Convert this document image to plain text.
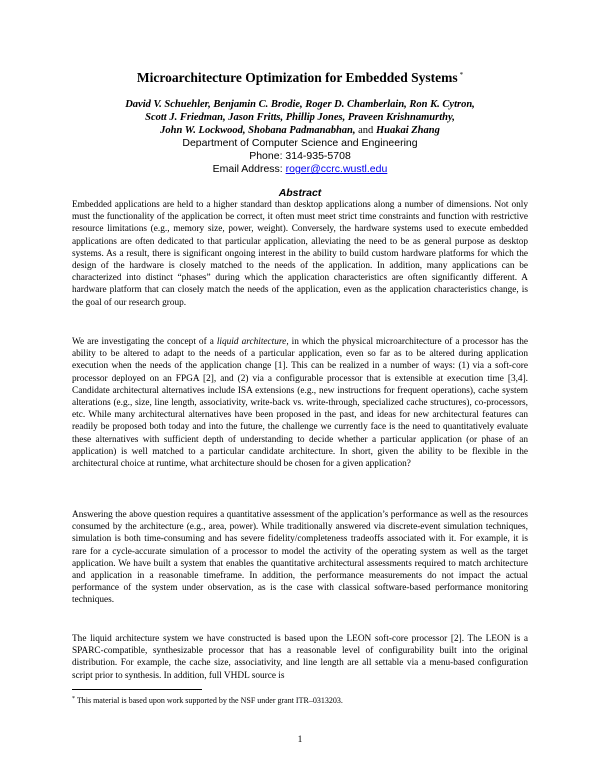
Microarchitecture Optimization for Embedded Systems *
David V. Schuehler, Benjamin C. Brodie, Roger D. Chamberlain, Ron K. Cytron,
Scott J. Friedman, Jason Fritts, Phillip Jones, Praveen Krishnamurthy,
John W. Lockwood, Shobana Padmanabhan, and Huakai Zhang
Department of Computer Science and Engineering
Phone: 314-935-5708
Email Address: roger@ccrc.wustl.edu
Abstract

Embedded applications are held to a higher standard than desktop applications along a number of dimensions. Not only must the functionality of the application be correct, it often must meet strict time constraints and function with restrictive resource limitations (e.g., memory size, power, weight). Conversely, the hardware systems used to execute embedded applications are often dedicated to that particular application, alleviating the need to be as general purpose as desktop systems. As a result, there is significant ongoing interest in the ability to build custom hardware platforms for which the design of the hardware is closely matched to the needs of the application. In addition, many applications can be characterized into distinct “phases” during which the application characteristics are often significantly different. A hardware platform that can closely match the needs of the application, even as the application characteristics change, is the goal of our research group.

We are investigating the concept of a liquid architecture, in which the physical microarchitecture of a processor has the ability to be altered to adapt to the needs of a particular application, even so far as to be altered during application execution when the needs of the application change [1]. This can be realized in a number of ways: (1) via a soft-core processor deployed on an FPGA [2], and (2) via a configurable processor that is extensible at execution time [3,4]. Candidate architectural alternatives include ISA extensions (e.g., new instructions for frequent operations), cache system alterations (e.g., size, line length, associativity, write-back vs. write-through, specialized cache structures), co-processors, etc. While many architectural alternatives have been proposed in the past, and ideas for new architectural features can readily be proposed both today and into the future, the challenge we currently face is the need to quantitatively evaluate these alternatives with sufficient depth of understanding to decide whether a particular application (or phase of an application) is well matched to a particular candidate architecture. In short, given the ability to be flexible in the architectural choice at runtime, what architecture should be chosen for a given application?

Answering the above question requires a quantitative assessment of the application’s performance as well as the resources consumed by the architecture (e.g., area, power). While traditionally answered via discrete-event simulation techniques, simulation is both time-consuming and has severe fidelity/completeness tradeoffs associated with it. For example, it is rare for a cycle-accurate simulation of a processor to model the activity of the operating system as well as the target application. We have built a system that enables the quantitative architectural assessments required to match architecture and application in a reasonable timeframe. In addition, the performance measurements do not impact the actual performance of the system under observation, as is the case with classical software-based performance monitoring techniques.

The liquid architecture system we have constructed is based upon the LEON soft-core processor [2]. The LEON is a SPARC-compatible, synthesizable processor that has a reasonable level of configurability built into the original distribution. For example, the cache size, associativity, and line length are all settable via a menu-based configuration script prior to synthesis. In addition, full VHDL source is

* This material is based upon work supported by the NSF under grant ITR–0313203.
1
